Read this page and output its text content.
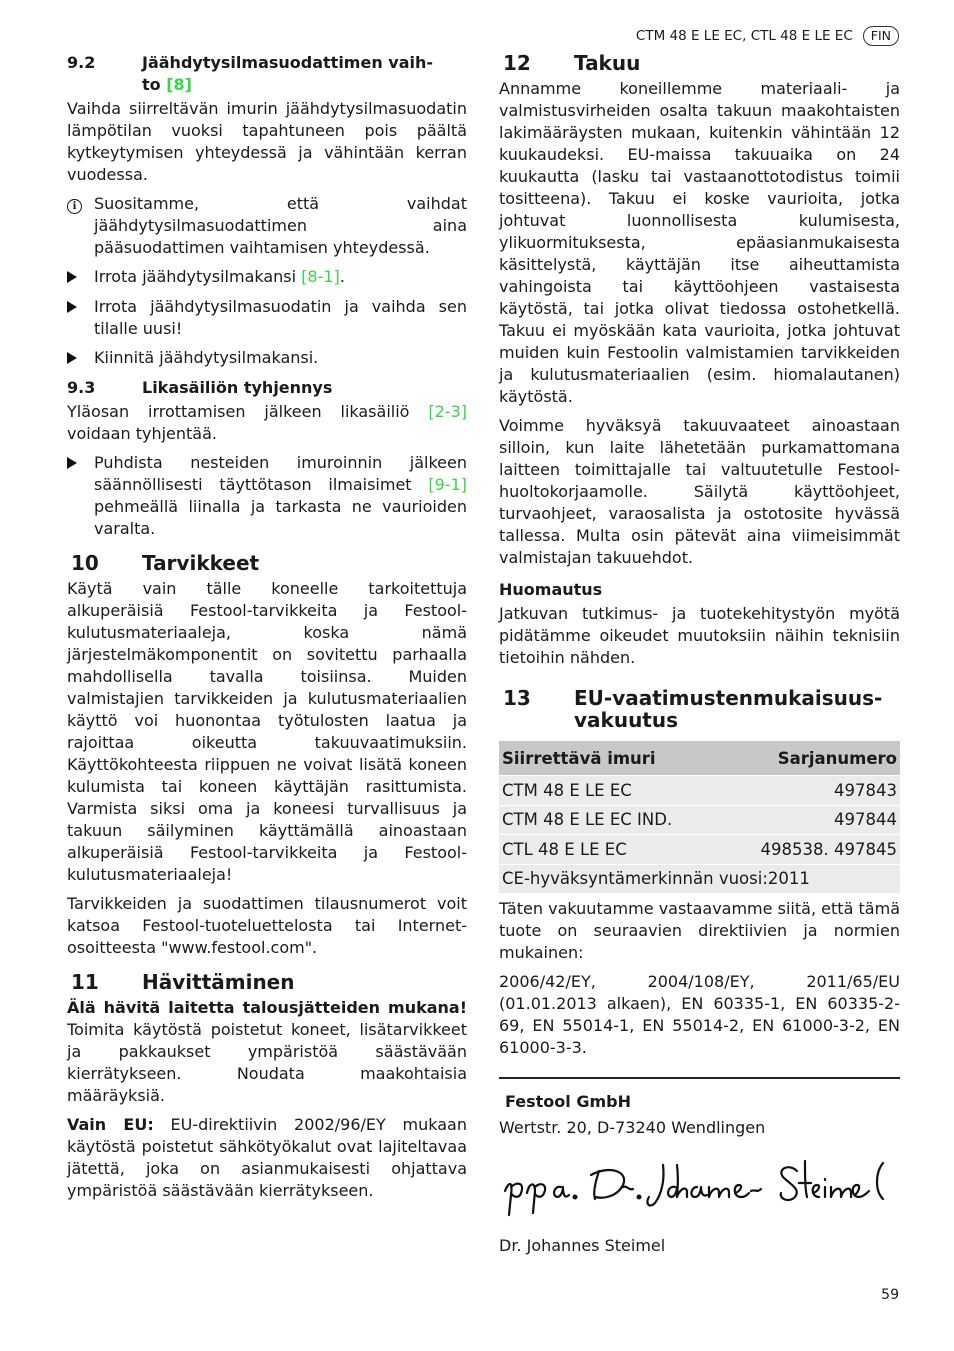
CTM 48 E LE EC, CTL 48 E LE EC	FIN
9.2	Jäähdytysilmasuodattimen vaih-
to [8]

Vaihda siirreltävän imurin jäähdytysilmasuodatin lämpötilan vuoksi tapahtuneen pois päältä kytkeytymisen yhteydessä ja vähintään kerran vuodessa.

i	Suositamme, että vaihdat jäähdytysilmasuodattimen aina pääsuodattimen vaihtamisen yhteydessä.
Irrota jäähdytysilmakansi [8-1].
Irrota jäähdytysilmasuodatin ja vaihda sen tilalle uusi!
Kiinnitä jäähdytysilmakansi.
9.3	Likasäiliön tyhjennys

Yläosan irrottamisen jälkeen likasäiliö [2-3] voidaan tyhjentää.

Puhdista nesteiden imuroinnin jälkeen säännöllisesti täyttötason ilmaisimet [9-1] pehmeällä liinalla ja tarkasta ne vaurioiden varalta.
10	Tarvikkeet

Käytä vain tälle koneelle tarkoitettuja alkuperäisiä Festool-tarvikkeita ja Festool-kulutusmateriaaleja, koska nämä järjestelmäkomponentit on sovitettu parhaalla mahdollisella tavalla toisiinsa. Muiden valmistajien tarvikkeiden ja kulutusmateriaalien käyttö voi huonontaa työtulosten laatua ja rajoittaa oikeutta takuuvaatimuksiin. Käyttökohteesta riippuen ne voivat lisätä koneen kulumista tai koneen käyttäjän rasittumista. Varmista siksi oma ja koneesi turvallisuus ja takuun säilyminen käyttämällä ainoastaan alkuperäisiä Festool-tarvikkeita ja Festool-kulutusmateriaaleja!

Tarvikkeiden ja suodattimen tilausnumerot voit katsoa Festool-tuoteluettelosta tai Internet-osoitteesta "www.festool.com".

11	Hävittäminen

Älä hävitä laitetta talousjätteiden mukana! Toimita käytöstä poistetut koneet, lisätarvikkeet ja pakkaukset ympäristöä säästävään kierrätykseen. Noudata maakohtaisia määräyksiä.

Vain EU: EU-direktiivin 2002/96/EY mukaan käytöstä poistetut sähkötyökalut ovat lajiteltavaa jätettä, joka on asianmukaisesti ohjattava ympäristöä säästävään kierrätykseen.

12	Takuu

Annamme koneillemme materiaali- ja valmistusvirheiden osalta takuun maakohtaisten lakimääräysten mukaan, kuitenkin vähintään 12 kuukaudeksi. EU-maissa takuuaika on 24 kuukautta (lasku tai vastaanottotodistus toimii tositteena). Takuu ei koske vaurioita, jotka johtuvat luonnollisesta kulumisesta, ylikuormituksesta, epäasianmukaisesta käsittelystä, käyttäjän itse aiheuttamista vahingoista tai käyttöohjeen vastaisesta käytöstä, tai jotka olivat tiedossa ostohetkellä. Takuu ei myöskään kata vaurioita, jotka johtuvat muiden kuin Festoolin valmistamien tarvikkeiden ja kulutusmateriaalien (esim. hiomalautanen) käytöstä.

Voimme hyväksyä takuuvaateet ainoastaan silloin, kun laite lähetetään purkamattomana laitteen toimittajalle tai valtuutetulle Festool-huoltokorjaamolle. Säilytä käyttöohjeet, turvaohjeet, varaosalista ja ostotosite hyvässä tallessa. Multa osin pätevät aina viimeisimmät valmistajan takuuehdot.

Huomautus

Jatkuvan tutkimus- ja tuotekehitystyön myötä pidätämme oikeudet muutoksiin näihin teknisiin tietoihin nähden.

13	EU-vaatimustenmukaisuus-
vakuutus
Siirrettävä imuri	Sarjanumero
CTM 48 E LE EC	497843
CTM 48 E LE EC IND.	497844
CTL 48 E LE EC	498538. 497845
CE-hyväksyntämerkinnän vuosi:2011	

Täten vakuutamme vastaavamme siitä, että tämä tuote on seuraavien direktiivien ja normien mukainen:

2006/42/EY, 2004/108/EY, 2011/65/EU (01.01.2013 alkaen), EN 60335-1, EN 60335-2-69, EN 55014-1, EN 55014-2, EN 61000-3-2, EN 61000-3-3.

Festool GmbH

Wertstr. 20, D-73240 Wendlingen

Dr. Johannes Steimel

59
